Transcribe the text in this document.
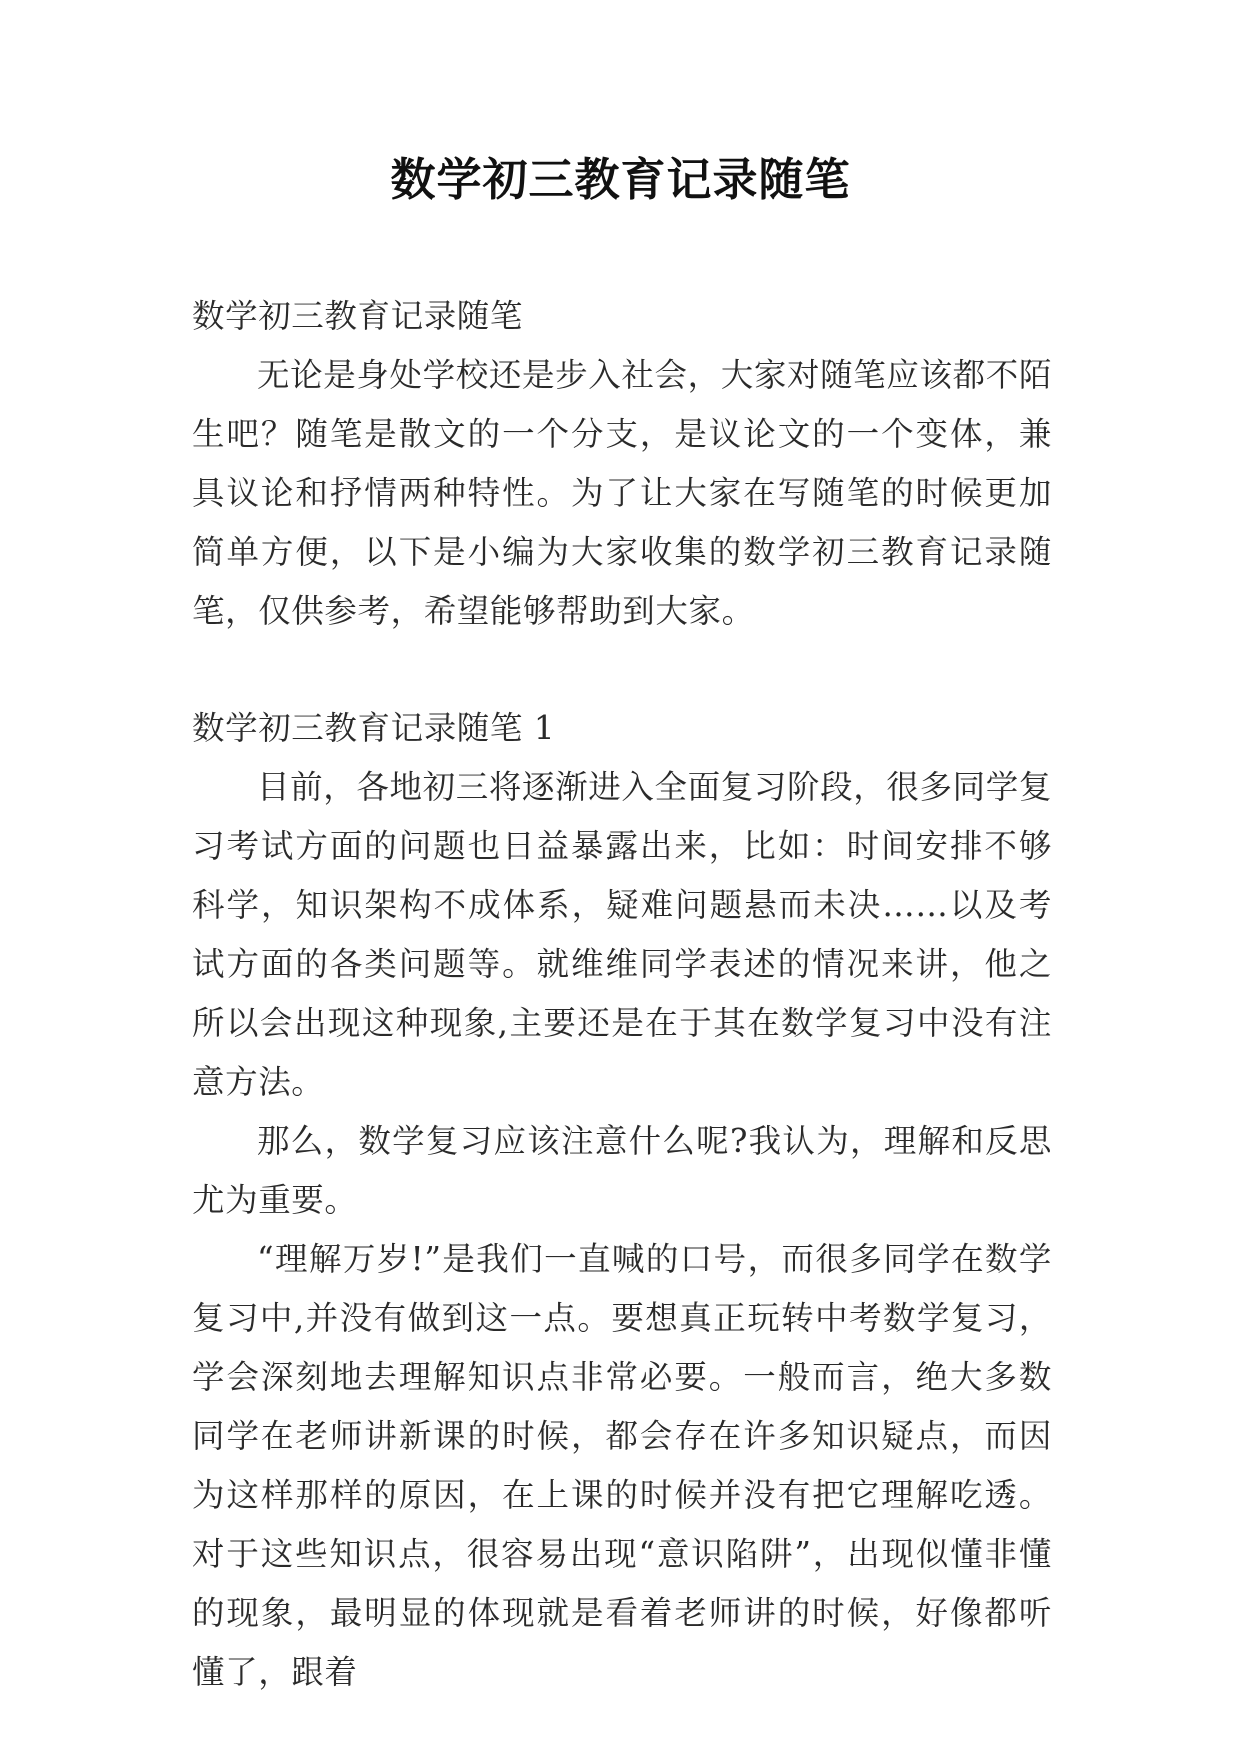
数学初三教育记录随笔

数学初三教育记录随笔

无论是身处学校还是步入社会，大家对随笔应该都不陌生吧？随笔是散文的一个分支，是议论文的一个变体，兼具议论和抒情两种特性。为了让大家在写随笔的时候更加简单方便，以下是小编为大家收集的数学初三教育记录随笔，仅供参考，希望能够帮助到大家。

数学初三教育记录随笔 1

目前，各地初三将逐渐进入全面复习阶段，很多同学复习考试方面的问题也日益暴露出来，比如：时间安排不够科学，知识架构不成体系，疑难问题悬而未决……以及考试方面的各类问题等。就维维同学表述的情况来讲，他之所以会出现这种现象,主要还是在于其在数学复习中没有注意方法。

那么，数学复习应该注意什么呢?我认为，理解和反思尤为重要。

“理解万岁!”是我们一直喊的口号，而很多同学在数学复习中,并没有做到这一点。要想真正玩转中考数学复习，学会深刻地去理解知识点非常必要。一般而言，绝大多数同学在老师讲新课的时候，都会存在许多知识疑点，而因为这样那样的原因，在上课的时候并没有把它理解吃透。对于这些知识点，很容易出现“意识陷阱”，出现似懂非懂的现象，最明显的体现就是看着老师讲的时候，好像都听懂了，跟着
